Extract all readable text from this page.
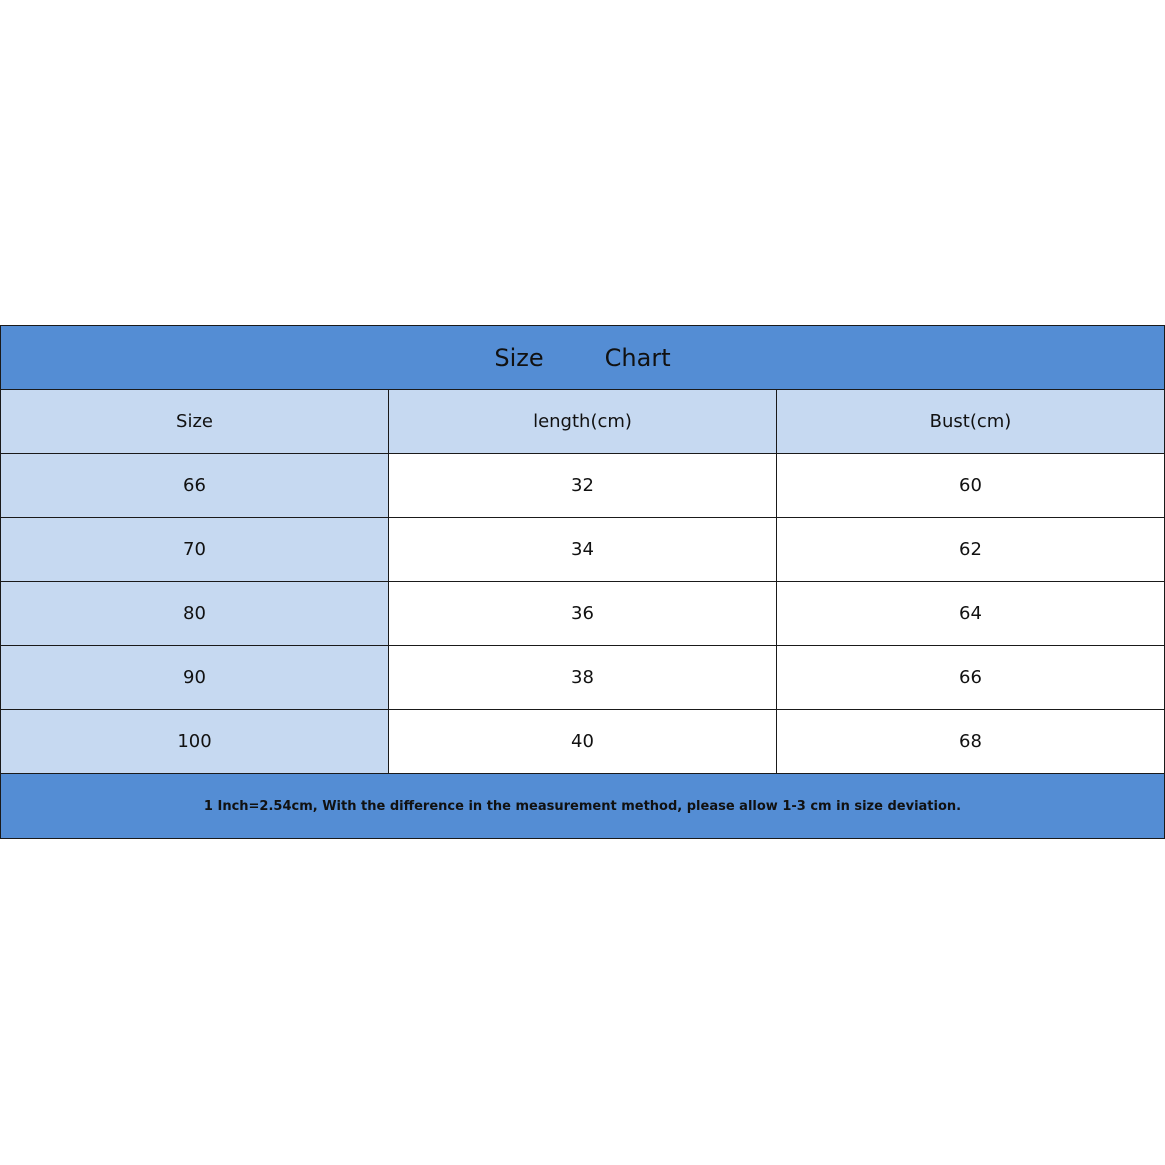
Size        Chart		
Size	length(cm)	Bust(cm)
66	32	60
70	34	62
80	36	64
90	38	66
100	40	68
1 Inch=2.54cm, With the difference in the measurement method, please allow 1-3 cm in size deviation.		
